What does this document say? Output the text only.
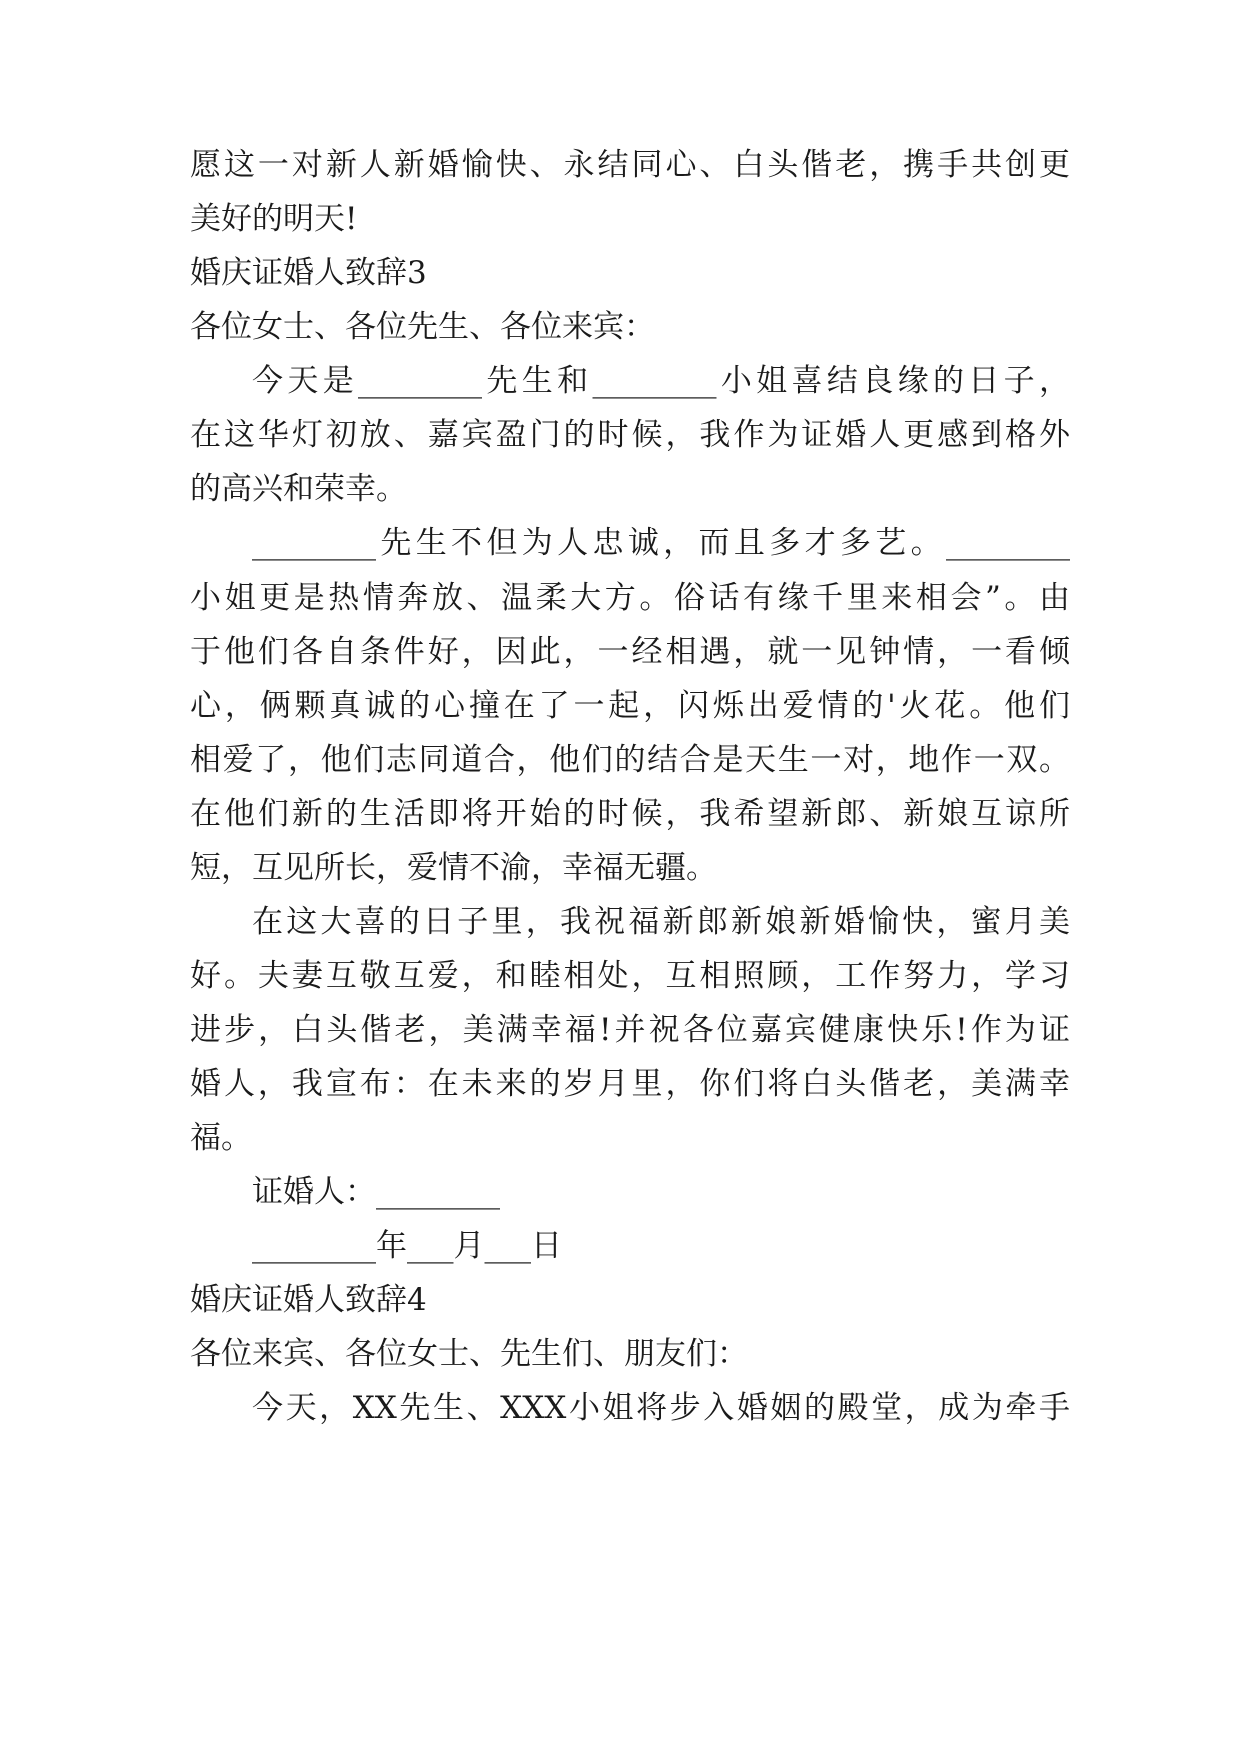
愿这一对新人新婚愉快、永结同心、白头偕老，携手共创更
美好的明天!
婚庆证婚人致辞3
各位女士、各位先生、各位来宾：
今天是________先生和________小姐喜结良缘的日子，
在这华灯初放、嘉宾盈门的时候，我作为证婚人更感到格外
的高兴和荣幸。
________先生不但为人忠诚，而且多才多艺。________
小姐更是热情奔放、温柔大方。俗话有缘千里来相会”。由
于他们各自条件好，因此，一经相遇，就一见钟情，一看倾
心，俩颗真诚的心撞在了一起，闪烁出爱情的'火花。他们
相爱了，他们志同道合，他们的结合是天生一对，地作一双。
在他们新的生活即将开始的时候，我希望新郎、新娘互谅所
短，互见所长，爱情不渝，幸福无疆。
在这大喜的日子里，我祝福新郎新娘新婚愉快，蜜月美
好。夫妻互敬互爱，和睦相处，互相照顾，工作努力，学习
进步，白头偕老，美满幸福!并祝各位嘉宾健康快乐!作为证
婚人，我宣布：在未来的岁月里，你们将白头偕老，美满幸
福。
证婚人：________
________年___月___日
婚庆证婚人致辞4
各位来宾、各位女士、先生们、朋友们：
今天，XX先生、XXX小姐将步入婚姻的殿堂，成为牵手
